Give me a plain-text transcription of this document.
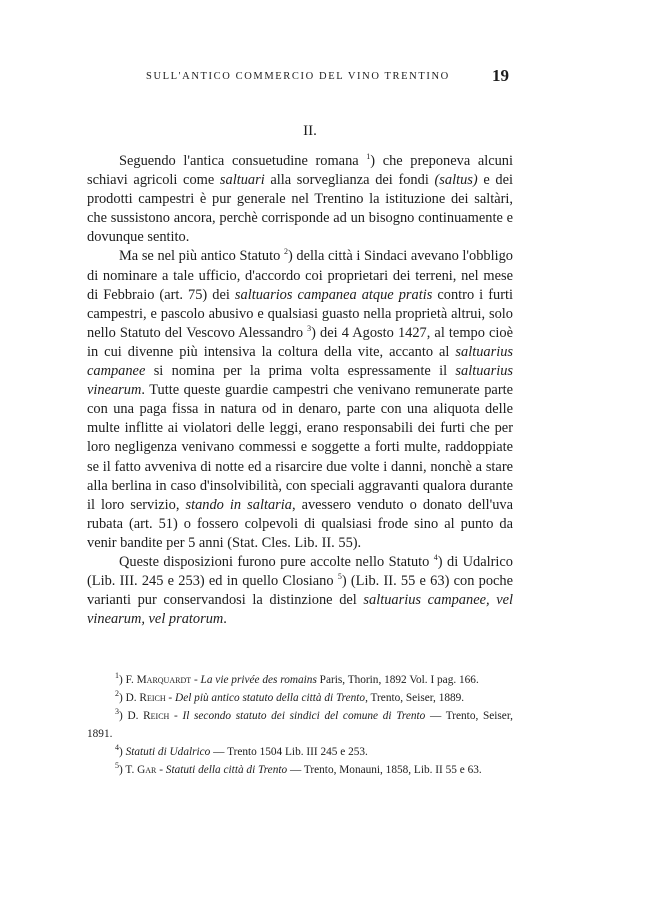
SULL'ANTICO COMMERCIO DEL VINO TRENTINO 19
II.

Seguendo l'antica consuetudine romana $^1$) che preponeva alcuni schiavi agricoli come saltuari alla sorveglianza dei fondi (saltus) e dei prodotti campestri è pur generale nel Trentino la istituzione dei saltàri, che sussistono ancora, perchè corrisponde ad un bisogno continuamente e dovunque sentito.

Ma se nel più antico Statuto $^2$) della città i Sindaci avevano l'obbligo di nominare a tale ufficio, d'accordo coi proprietari dei terreni, nel mese di Febbraio (art. 75) dei saltuarios campanea atque pratis contro i furti campestri, e pascolo abusivo e qualsiasi guasto nella proprietà altrui, solo nello Statuto del Vescovo Alessandro $^3$) dei 4 Agosto 1427, al tempo cioè in cui divenne più intensiva la coltura della vite, accanto al saltuarius campanee si nomina per la prima volta espressamente il saltuarius vinearum. Tutte queste guardie campestri che venivano remunerate parte con una paga fissa in natura od in denaro, parte con una aliquota delle multe inflitte ai violatori delle leggi, erano responsabili dei furti che per loro negligenza venivano commessi e soggette a forti multe, raddoppiate se il fatto avveniva di notte ed a risarcire due volte i danni, nonchè a stare alla berlina in caso d'insolvibilità, con speciali aggravanti qualora durante il loro servizio, stando in saltaria, avessero venduto o donato dell'uva rubata (art. 51) o fossero colpevoli di qualsiasi frode sino al punto da venir bandite per 5 anni (Stat. Cles. Lib. II. 55).

Queste disposizioni furono pure accolte nello Statuto $^4$) di Udalrico (Lib. III. 245 e 253) ed in quello Closiano $^5$) (Lib. II. 55 e 63) con poche varianti pur conservandosi la distinzione del saltuarius campanee, vel vinearum, vel pratorum.

$^1$) F. Marquardt - La vie privée des romains Paris, Thorin, 1892 Vol. I pag. 166.

$^2$) D. Reich - Del più antico statuto della città di Trento, Trento, Seiser, 1889.

$^3$) D. Reich - Il secondo statuto dei sindici del comune di Trento — Trento, Seiser, 1891.

$^4$) Statuti di Udalrico — Trento 1504 Lib. III 245 e 253.

$^5$) T. Gar - Statuti della città di Trento — Trento, Monauni, 1858, Lib. II 55 e 63.
